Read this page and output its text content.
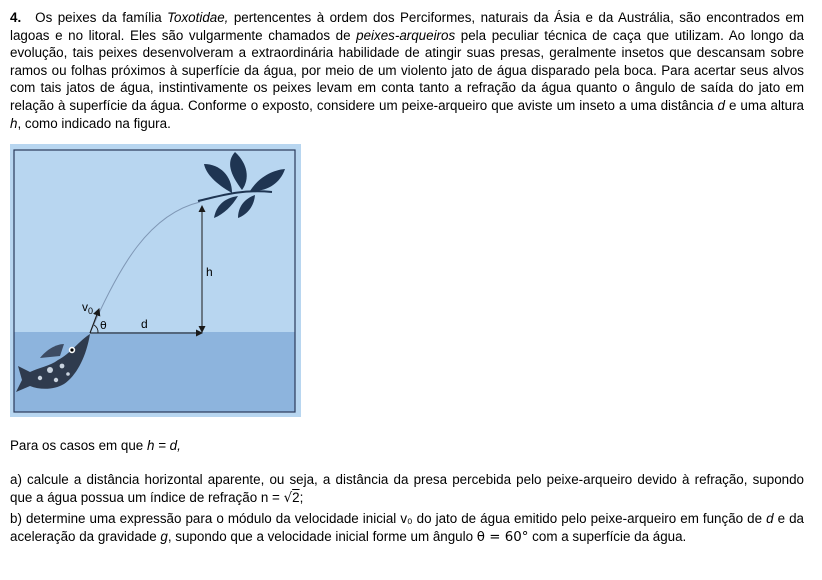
4. Os peixes da família Toxotidae, pertencentes à ordem dos Perciformes, naturais da Ásia e da Austrália, são encontrados em lagoas e no litoral. Eles são vulgarmente chamados de peixes-arqueiros pela peculiar técnica de caça que utilizam. Ao longo da evolução, tais peixes desenvolveram a extraordinária habilidade de atingir suas presas, geralmente insetos que descansam sobre ramos ou folhas próximos à superfície da água, por meio de um violento jato de água disparado pela boca. Para acertar seus alvos com tais jatos de água, instintivamente os peixes levam em conta tanto a refração da água quanto o ângulo de saída do jato em relação à superfície da água. Conforme o exposto, considere um peixe-arqueiro que aviste um inseto a uma distância d e uma altura h, como indicado na figura.

$v_0$
θ	d
h

Para os casos em que h = d,

a) calcule a distância horizontal aparente, ou seja, a distância da presa percebida pelo peixe-arqueiro devido à refração, supondo que a água possua um índice de refração n = √2;

b) determine uma expressão para o módulo da velocidade inicial v₀ do jato de água emitido pelo peixe-arqueiro em função de d e da aceleração da gravidade g, supondo que a velocidade inicial forme um ângulo θ = 60° com a superfície da água.
